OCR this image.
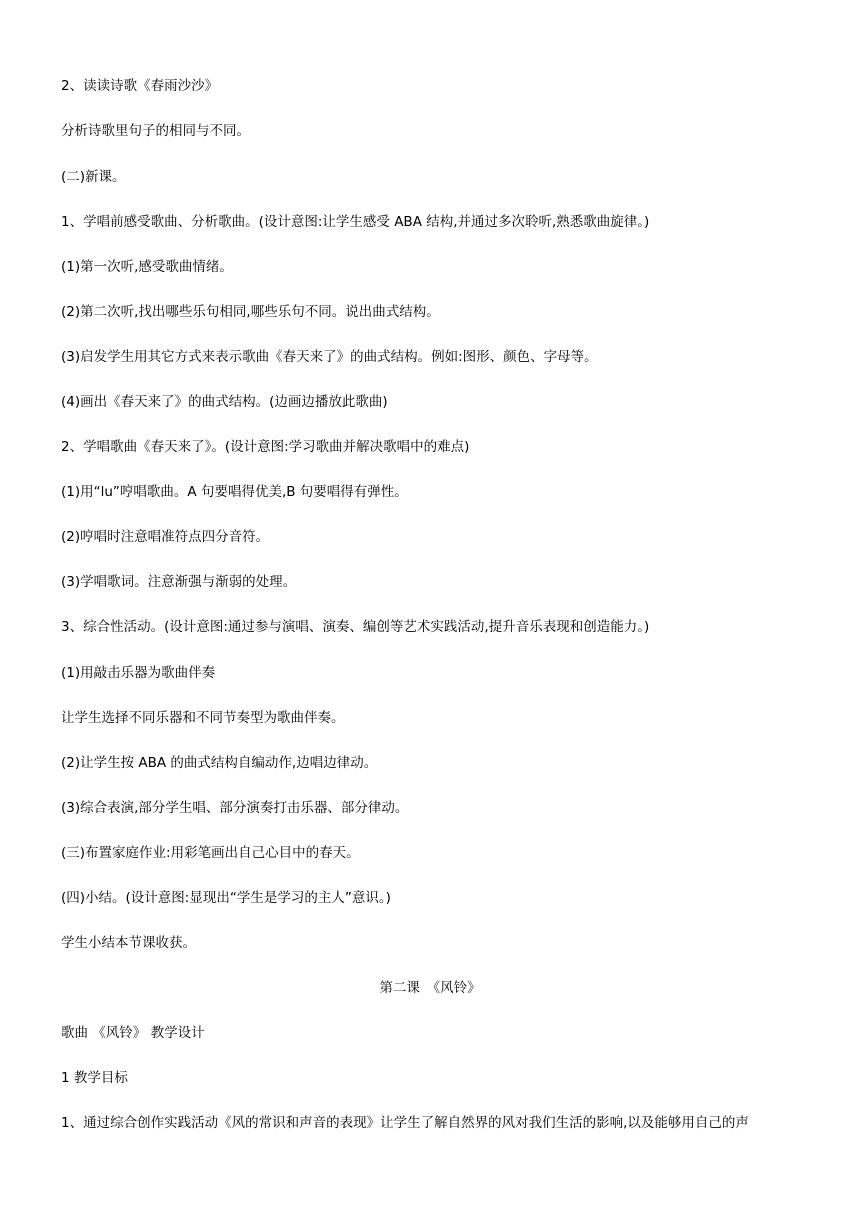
2、读读诗歌《春雨沙沙》
分析诗歌里句子的相同与不同。
(二)新课。
1、学唱前感受歌曲、分析歌曲。(设计意图:让学生感受 ABA 结构,并通过多次聆听,熟悉歌曲旋律。)
(1)第一次听,感受歌曲情绪。
(2)第二次听,找出哪些乐句相同,哪些乐句不同。说出曲式结构。
(3)启发学生用其它方式来表示歌曲《春天来了》的曲式结构。例如:图形、颜色、字母等。
(4)画出《春天来了》的曲式结构。(边画边播放此歌曲)
2、学唱歌曲《春天来了》。(设计意图:学习歌曲并解决歌唱中的难点)
(1)用“lu”哼唱歌曲。A 句要唱得优美,B 句要唱得有弹性。
(2)哼唱时注意唱准符点四分音符。
(3)学唱歌词。注意渐强与渐弱的处理。
3、综合性活动。(设计意图:通过参与演唱、演奏、编创等艺术实践活动,提升音乐表现和创造能力。)
(1)用敲击乐器为歌曲伴奏
让学生选择不同乐器和不同节奏型为歌曲伴奏。
(2)让学生按 ABA 的曲式结构自编动作,边唱边律动。
(3)综合表演,部分学生唱、部分演奏打击乐器、部分律动。
(三)布置家庭作业:用彩笔画出自己心目中的春天。
(四)小结。(设计意图:显现出“学生是学习的主人”意识。)
学生小结本节课收获。
第二课　《风铃》
歌曲 《风铃》 教学设计
1 教学目标
1、通过综合创作实践活动《风的常识和声音的表现》让学生了解自然界的风对我们生活的影响,以及能够用自己的声
